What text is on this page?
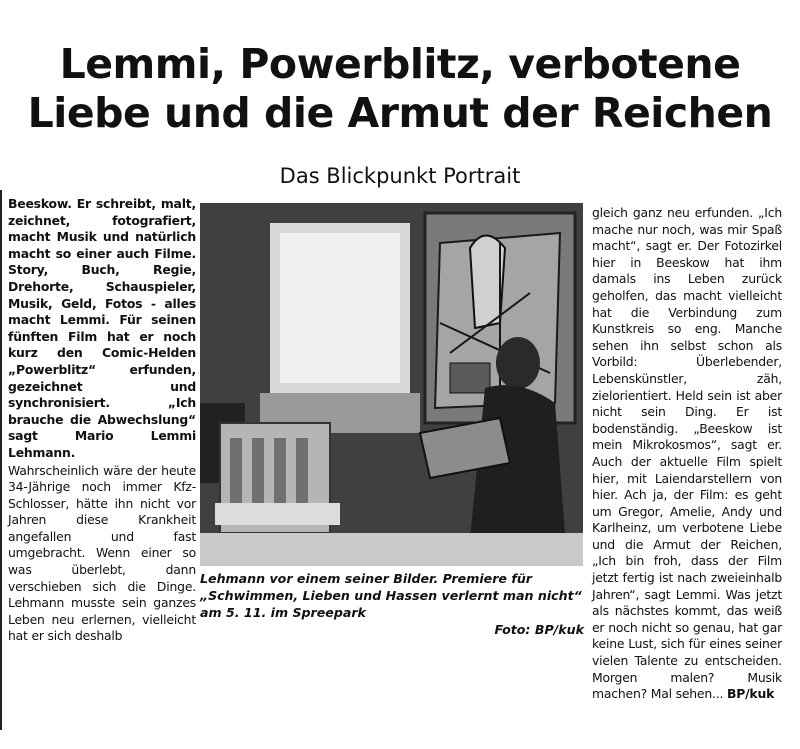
Lemmi, Powerblitz, verbotene
Liebe und die Armut der Reichen
Das Blickpunkt Portrait

Beeskow. Er schreibt, malt, zeichnet, fotografiert, macht Musik und natürlich macht so einer auch Filme. Story, Buch, Regie, Drehorte, Schauspieler, Musik, Geld, Fotos - alles macht Lemmi. Für seinen fünften Film hat er noch kurz den Comic-Helden „Powerblitz“ erfunden, gezeichnet und synchronisiert. „Ich brauche die Abwechslung“ sagt Mario Lemmi Lehmann.

Wahrscheinlich wäre der heute 34-Jährige noch immer Kfz-Schlosser, hätte ihn nicht vor Jahren diese Krankheit angefallen und fast umgebracht. Wenn einer so was überlebt, dann verschieben sich die Dinge. Lehmann musste sein ganzes Leben neu erlernen, vielleicht hat er sich deshalb

Lehmann vor einem seiner Bilder. Premiere für „Schwimmen, Lieben und Hassen verlernt man nicht“ am 5. 11. im Spreepark
Foto: BP/kuk

gleich ganz neu erfunden. „Ich mache nur noch, was mir Spaß macht“, sagt er. Der Fotozirkel hier in Beeskow hat ihm damals ins Leben zurück geholfen, das macht vielleicht hat die Verbindung zum Kunstkreis so eng. Manche sehen ihn selbst schon als Vorbild: Überlebender, Lebenskünstler, zäh, zielorientiert. Held sein ist aber nicht sein Ding. Er ist bodenständig. „Beeskow ist mein Mikrokosmos“, sagt er. Auch der aktuelle Film spielt hier, mit Laiendarstellern von hier. Ach ja, der Film: es geht um Gregor, Amelie, Andy und Karlheinz, um verbotene Liebe und die Armut der Reichen, „Ich bin froh, dass der Film jetzt fertig ist nach zweieinhalb Jahren“, sagt Lemmi. Was jetzt als nächstes kommt, das weiß er noch nicht so genau, hat gar keine Lust, sich für eines seiner vielen Talente zu entscheiden. Morgen malen? Musik machen? Mal sehen... BP/kuk
